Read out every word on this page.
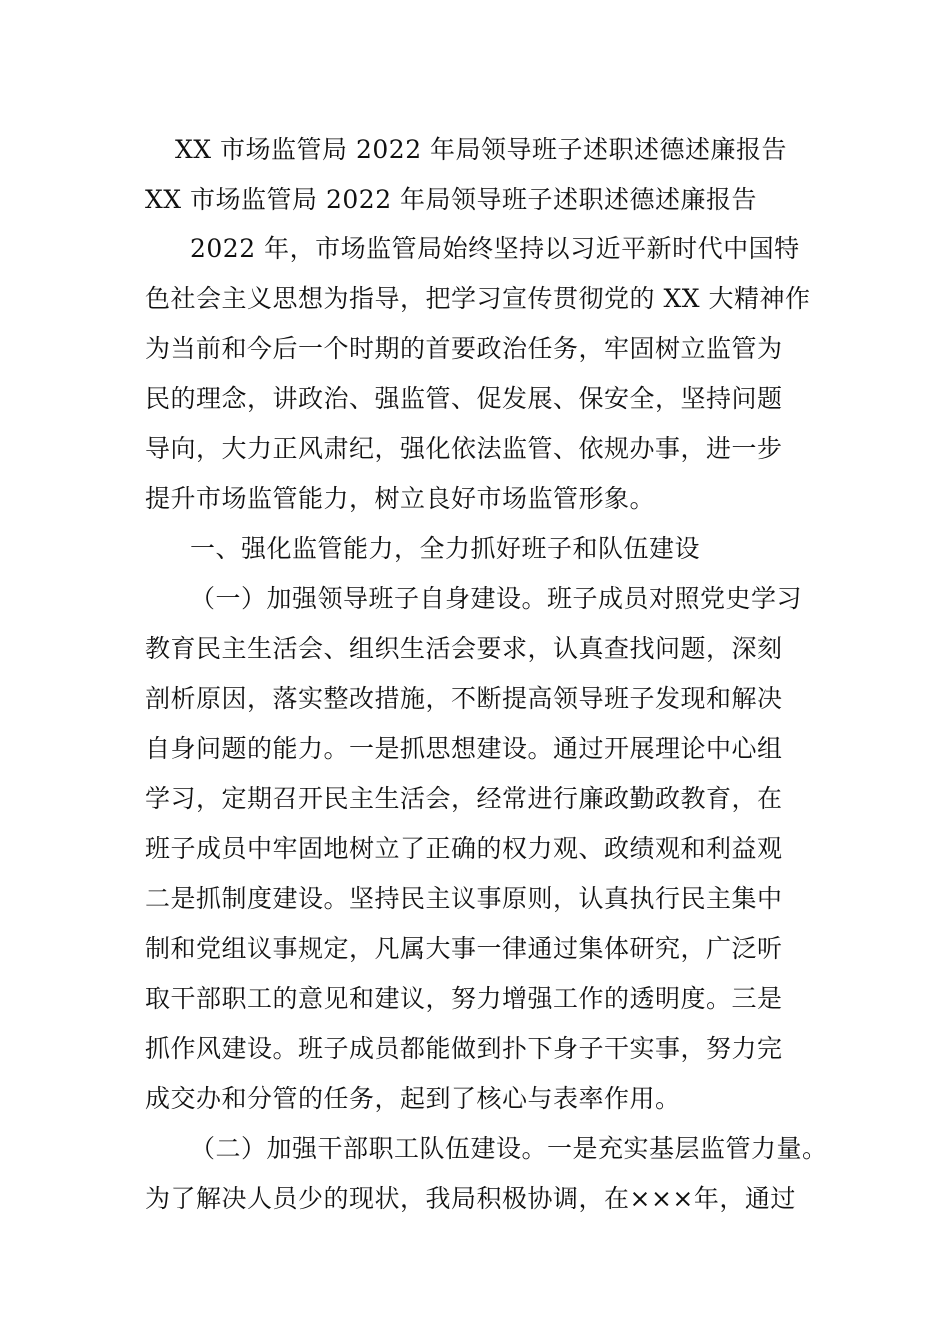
XX 市场监管局 2022 年局领导班子述职述德述廉报告
XX 市场监管局 2022 年局领导班子述职述德述廉报告
2022 年，市场监管局始终坚持以习近平新时代中国特
色社会主义思想为指导，把学习宣传贯彻党的 XX 大精神作
为当前和今后一个时期的首要政治任务，牢固树立监管为
民的理念，讲政治、强监管、促发展、保安全，坚持问题
导向，大力正风肃纪，强化依法监管、依规办事，进一步
提升市场监管能力，树立良好市场监管形象。
一、强化监管能力，全力抓好班子和队伍建设
（一）加强领导班子自身建设。班子成员对照党史学习
教育民主生活会、组织生活会要求，认真查找问题，深刻
剖析原因，落实整改措施，不断提高领导班子发现和解决
自身问题的能力。一是抓思想建设。通过开展理论中心组
学习，定期召开民主生活会，经常进行廉政勤政教育，在
班子成员中牢固地树立了正确的权力观、政绩观和利益观
二是抓制度建设。坚持民主议事原则，认真执行民主集中
制和党组议事规定，凡属大事一律通过集体研究，广泛听
取干部职工的意见和建议，努力增强工作的透明度。三是
抓作风建设。班子成员都能做到扑下身子干实事，努力完
成交办和分管的任务，起到了核心与表率作用。
（二）加强干部职工队伍建设。一是充实基层监管力量。
为了解决人员少的现状，我局积极协调，在×××年，通过
